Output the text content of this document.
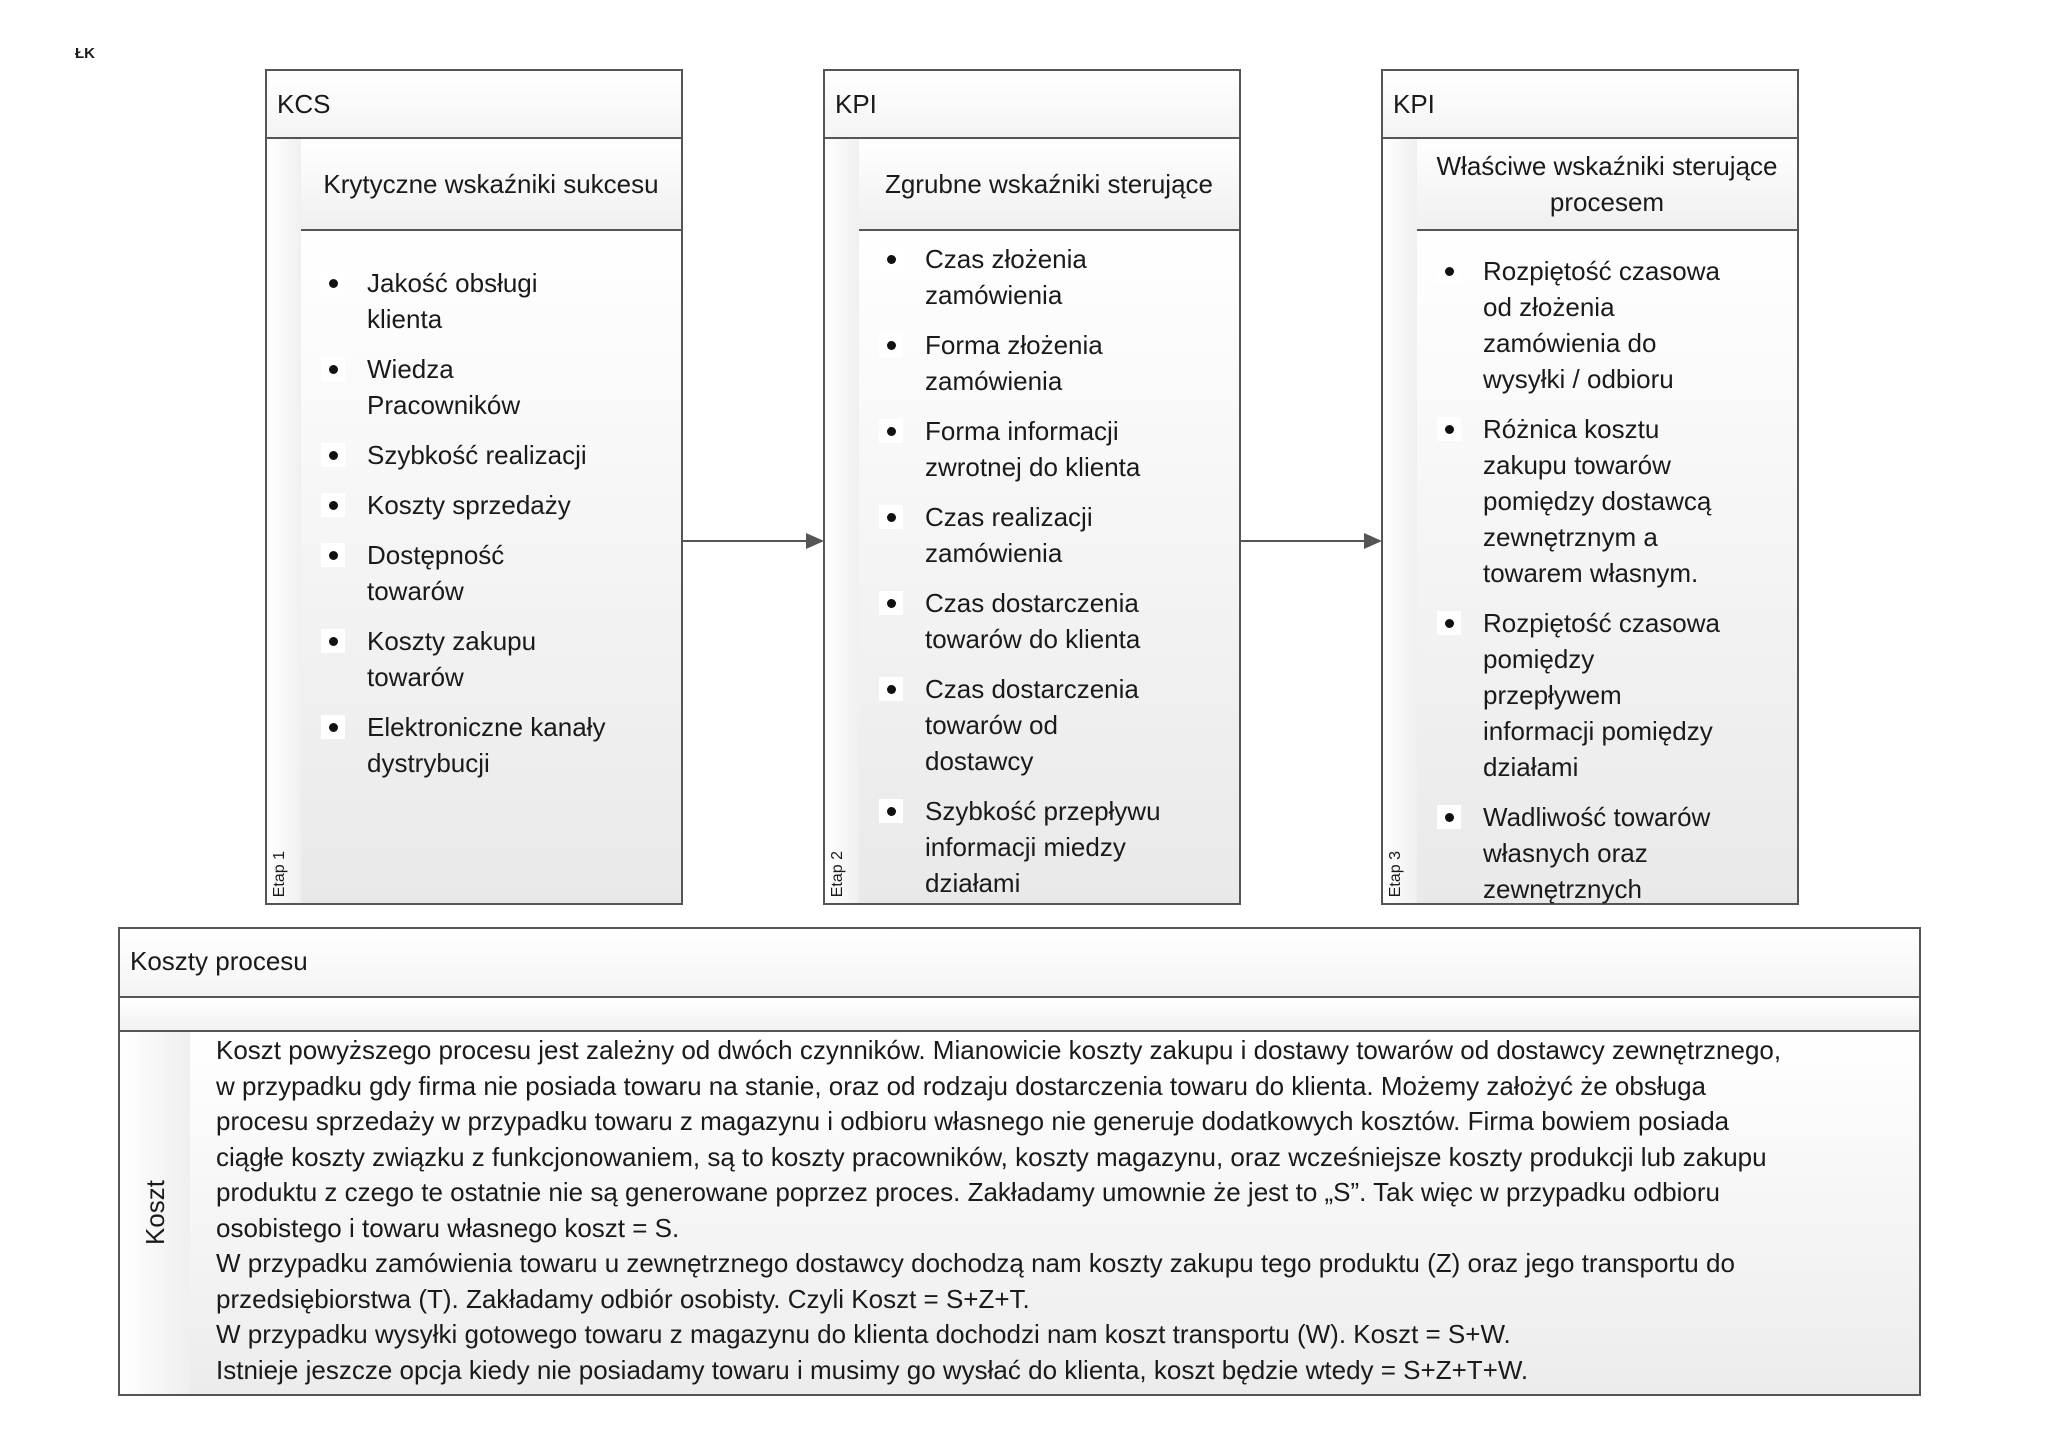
ŁK
KCS
Etap 1
Krytyczne wskaźniki sukcesu
Jakość obsługi
klienta
Wiedza
Pracowników
Szybkość realizacji
Koszty sprzedaży
Dostępność
towarów
Koszty zakupu
towarów
Elektroniczne kanały
dystrybucji
KPI
Etap 2
Zgrubne wskaźniki sterujące
Czas złożenia
zamówienia
Forma złożenia
zamówienia
Forma informacji
zwrotnej do klienta
Czas realizacji
zamówienia
Czas dostarczenia
towarów do klienta
Czas dostarczenia
towarów od
dostawcy
Szybkość przepływu
informacji miedzy
działami
KPI
Etap 3
Właściwe wskaźniki sterujące
procesem
Rozpiętość czasowa
od złożenia
zamówienia do
wysyłki / odbioru
Różnica kosztu
zakupu towarów
pomiędzy dostawcą
zewnętrznym a
towarem własnym.
Rozpiętość czasowa
pomiędzy
przepływem
informacji pomiędzy
działami
Wadliwość towarów
własnych oraz
zewnętrznych
Koszty procesu
Koszt

Koszt powyższego procesu jest zależny od dwóch czynników. Mianowicie koszty zakupu i dostawy towarów od dostawcy zewnętrznego,

w przypadku gdy firma nie posiada towaru na stanie, oraz od rodzaju dostarczenia towaru do klienta. Możemy założyć że obsługa

procesu sprzedaży w przypadku towaru z magazynu i odbioru własnego nie generuje dodatkowych kosztów. Firma bowiem posiada

ciągłe koszty związku z funkcjonowaniem, są to koszty pracowników, koszty magazynu, oraz wcześniejsze koszty produkcji lub zakupu

produktu z czego te ostatnie nie są generowane poprzez proces. Zakładamy umownie że jest to „S”. Tak więc w przypadku odbioru

osobistego i towaru własnego koszt = S.

W przypadku zamówienia towaru u zewnętrznego dostawcy dochodzą nam koszty zakupu tego produktu (Z) oraz jego transportu do

przedsiębiorstwa (T). Zakładamy odbiór osobisty. Czyli Koszt = S+Z+T.

W przypadku wysyłki gotowego towaru z magazynu do klienta dochodzi nam koszt transportu (W). Koszt = S+W.

Istnieje jeszcze opcja kiedy nie posiadamy towaru i musimy go wysłać do klienta, koszt będzie wtedy = S+Z+T+W.
